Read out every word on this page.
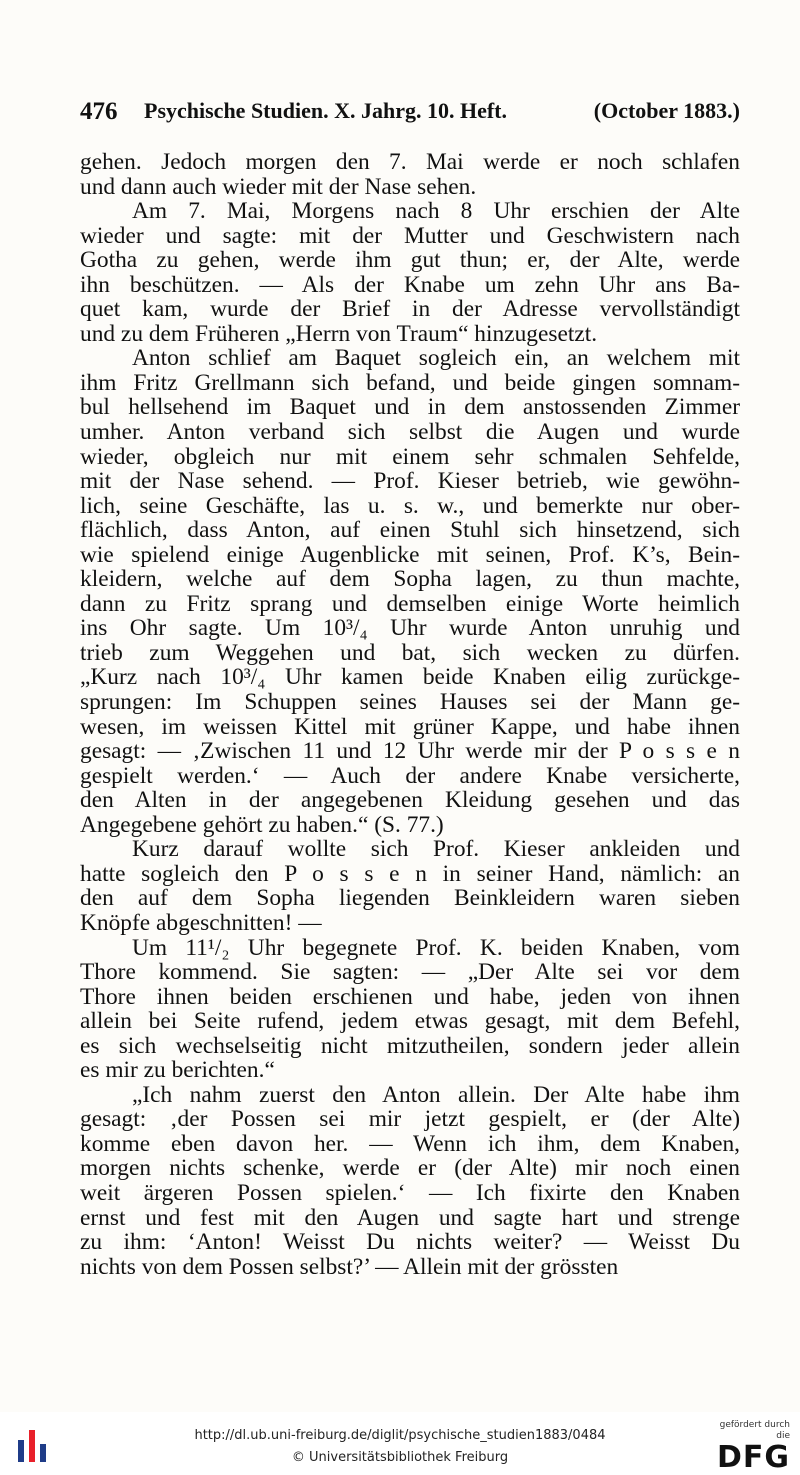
476 Psychische Studien. X. Jahrg. 10. Heft.	(October 1883.)
gehen. Jedoch morgen den 7. Mai werde er noch schlafen
und dann auch wieder mit der Nase sehen.
Am 7. Mai, Morgens nach 8 Uhr erschien der Alte
wieder und sagte: mit der Mutter und Geschwistern nach
Gotha zu gehen, werde ihm gut thun; er, der Alte, werde
ihn beschützen. — Als der Knabe um zehn Uhr ans Ba-
quet kam, wurde der Brief in der Adresse vervollständigt
und zu dem Früheren „Herrn von Traum“ hinzugesetzt.
Anton schlief am Baquet sogleich ein, an welchem mit
ihm Fritz Grellmann sich befand, und beide gingen somnam-
bul hellsehend im Baquet und in dem anstossenden Zimmer
umher. Anton verband sich selbst die Augen und wurde
wieder, obgleich nur mit einem sehr schmalen Sehfelde,
mit der Nase sehend. — Prof. Kieser betrieb, wie gewöhn-
lich, seine Geschäfte, las u. s. w., und bemerkte nur ober-
flächlich, dass Anton, auf einen Stuhl sich hinsetzend, sich
wie spielend einige Augenblicke mit seinen, Prof. K’s, Bein-
kleidern, welche auf dem Sopha lagen, zu thun machte,
dann zu Fritz sprang und demselben einige Worte heimlich
ins Ohr sagte. Um 10³/₄ Uhr wurde Anton unruhig und
trieb zum Weggehen und bat, sich wecken zu dürfen.
„Kurz nach 10³/₄ Uhr kamen beide Knaben eilig zurückge-
sprungen: Im Schuppen seines Hauses sei der Mann ge-
wesen, im weissen Kittel mit grüner Kappe, und habe ihnen
gesagt: — ‚Zwischen 11 und 12 Uhr werde mir der P o s s e n
gespielt werden.‘ — Auch der andere Knabe versicherte,
den Alten in der angegebenen Kleidung gesehen und das
Angegebene gehört zu haben.“ (S. 77.)
Kurz darauf wollte sich Prof. Kieser ankleiden und
hatte sogleich den P o s s e n in seiner Hand, nämlich: an
den auf dem Sopha liegenden Beinkleidern waren sieben
Knöpfe abgeschnitten! —
Um 11¹/₂ Uhr begegnete Prof. K. beiden Knaben, vom
Thore kommend. Sie sagten: — „Der Alte sei vor dem
Thore ihnen beiden erschienen und habe, jeden von ihnen
allein bei Seite rufend, jedem etwas gesagt, mit dem Befehl,
es sich wechselseitig nicht mitzutheilen, sondern jeder allein
es mir zu berichten.“
„Ich nahm zuerst den Anton allein. Der Alte habe ihm
gesagt: ‚der Possen sei mir jetzt gespielt, er (der Alte)
komme eben davon her. — Wenn ich ihm, dem Knaben,
morgen nichts schenke, werde er (der Alte) mir noch einen
weit ärgeren Possen spielen.‘ — Ich fixirte den Knaben
ernst und fest mit den Augen und sagte hart und strenge
zu ihm: ‘Anton! Weisst Du nichts weiter? — Weisst Du
nichts von dem Possen selbst?’ — Allein mit der grössten
http://dl.ub.uni-freiburg.de/diglit/psychische_studien1883/0484
© Universitätsbibliothek Freiburg
gefördert durch die
DFG
